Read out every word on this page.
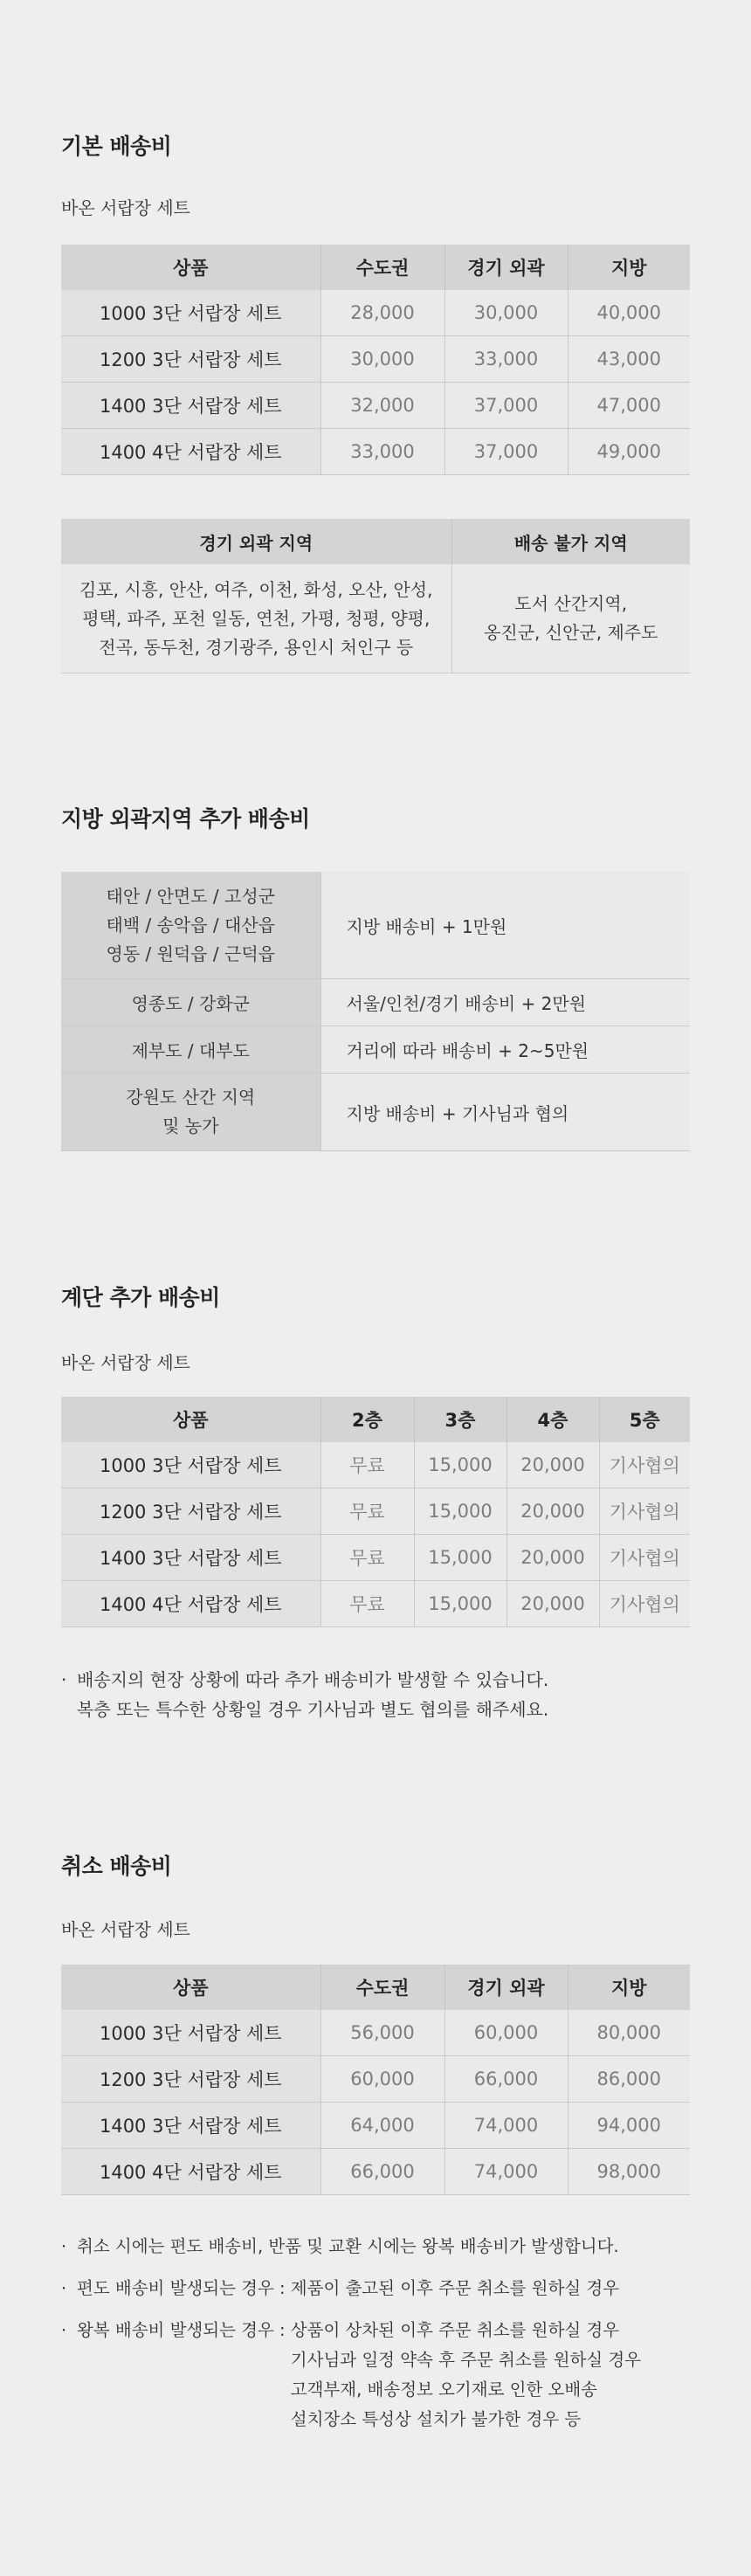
기본 배송비

바온 서랍장 세트

상품	수도권	경기 외곽	지방
1000 3단 서랍장 세트	28,000	30,000	40,000
1200 3단 서랍장 세트	30,000	33,000	43,000
1400 3단 서랍장 세트	32,000	37,000	47,000
1400 4단 서랍장 세트	33,000	37,000	49,000
경기 외곽 지역	배송 불가 지역
김포, 시흥, 안산, 여주, 이천, 화성, 오산, 안성,
평택, 파주, 포천 일동, 연천, 가평, 청평, 양평,
전곡, 동두천, 경기광주, 용인시 처인구 등	도서 산간지역,
옹진군, 신안군, 제주도
지방 외곽지역 추가 배송비
태안 / 안면도 / 고성군
태백 / 송악읍 / 대산읍
영동 / 원덕읍 / 근덕읍	지방 배송비 + 1만원
영종도 / 강화군	서울/인천/경기 배송비 + 2만원
제부도 / 대부도	거리에 따라 배송비 + 2~5만원
강원도 산간 지역
및 농가	지방 배송비 + 기사님과 협의
계단 추가 배송비

바온 서랍장 세트

상품	2층	3층	4층	5층
1000 3단 서랍장 세트	무료	15,000	20,000	기사협의
1200 3단 서랍장 세트	무료	15,000	20,000	기사협의
1400 3단 서랍장 세트	무료	15,000	20,000	기사협의
1400 4단 서랍장 세트	무료	15,000	20,000	기사협의
· 배송지의 현장 상황에 따라 추가 배송비가 발생할 수 있습니다.
복층 또는 특수한 상황일 경우 기사님과 별도 협의를 해주세요.
취소 배송비

바온 서랍장 세트

상품	수도권	경기 외곽	지방
1000 3단 서랍장 세트	56,000	60,000	80,000
1200 3단 서랍장 세트	60,000	66,000	86,000
1400 3단 서랍장 세트	64,000	74,000	94,000
1400 4단 서랍장 세트	66,000	74,000	98,000
· 취소 시에는 편도 배송비, 반품 및 교환 시에는 왕복 배송비가 발생합니다.
· 편도 배송비 발생되는 경우 : 제품이 출고된 이후 주문 취소를 원하실 경우
· 왕복 배송비 발생되는 경우 : 상품이 상차된 이후 주문 취소를 원하실 경우
기사님과 일정 약속 후 주문 취소를 원하실 경우
고객부재, 배송정보 오기재로 인한 오배송
설치장소 특성상 설치가 불가한 경우 등
